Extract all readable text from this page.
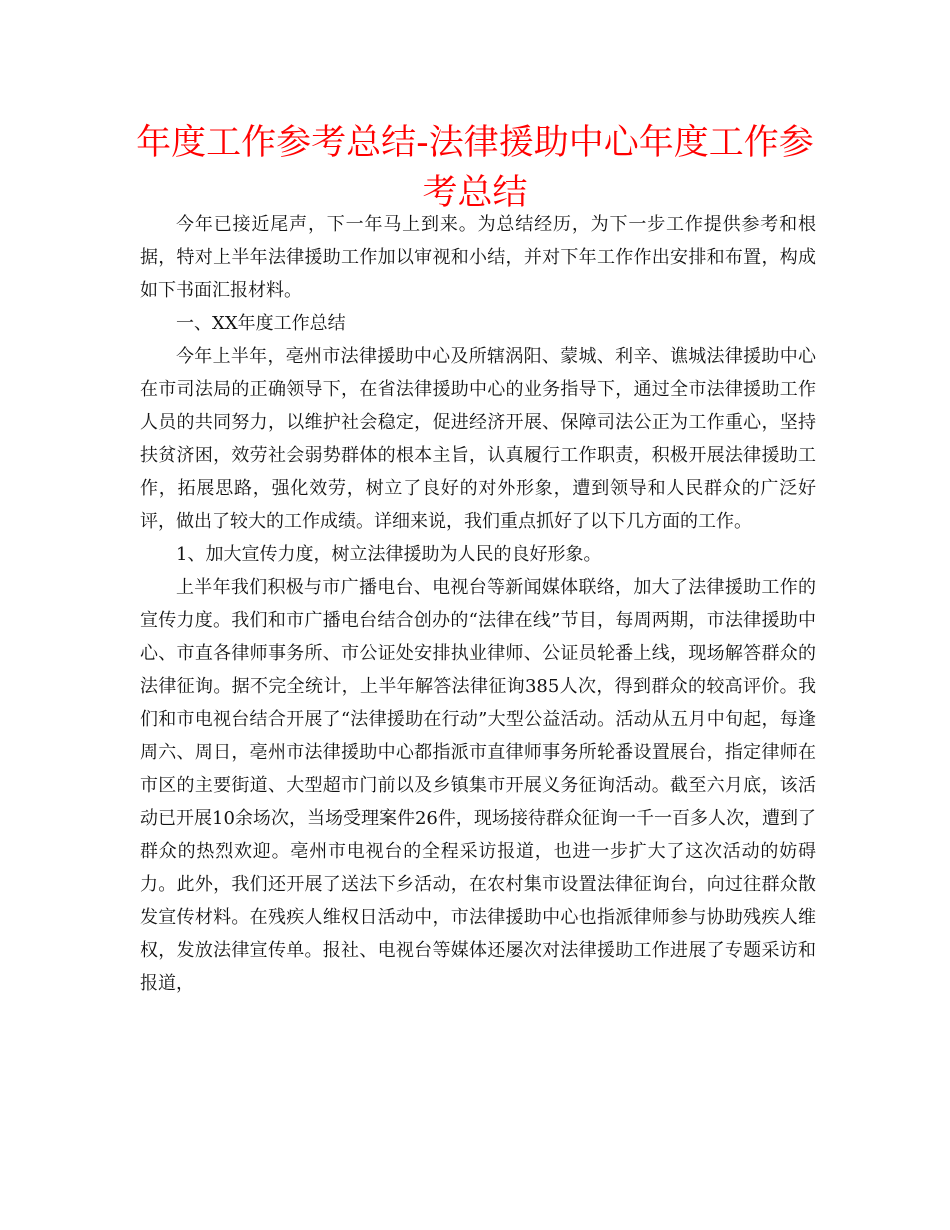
年度工作参考总结-法律援助中心年度工作参考总结

今年已接近尾声，下一年马上到来。为总结经历，为下一步工作提供参考和根据，特对上半年法律援助工作加以审视和小结，并对下年工作作出安排和布置，构成如下书面汇报材料。

一、XX年度工作总结

今年上半年，亳州市法律援助中心及所辖涡阳、蒙城、利辛、谯城法律援助中心在市司法局的正确领导下，在省法律援助中心的业务指导下，通过全市法律援助工作人员的共同努力，以维护社会稳定，促进经济开展、保障司法公正为工作重心，坚持扶贫济困，效劳社会弱势群体的根本主旨，认真履行工作职责，积极开展法律援助工作，拓展思路，强化效劳，树立了良好的对外形象，遭到领导和人民群众的广泛好评，做出了较大的工作成绩。详细来说，我们重点抓好了以下几方面的工作。

1、加大宣传力度，树立法律援助为人民的良好形象。

上半年我们积极与市广播电台、电视台等新闻媒体联络，加大了法律援助工作的宣传力度。我们和市广播电台结合创办的“法律在线”节目，每周两期，市法律援助中心、市直各律师事务所、市公证处安排执业律师、公证员轮番上线，现场解答群众的法律征询。据不完全统计，上半年解答法律征询385人次，得到群众的较高评价。我们和市电视台结合开展了“法律援助在行动”大型公益活动。活动从五月中旬起，每逢周六、周日，亳州市法律援助中心都指派市直律师事务所轮番设置展台，指定律师在市区的主要街道、大型超市门前以及乡镇集市开展义务征询活动。截至六月底，该活动已开展10余场次，当场受理案件26件，现场接待群众征询一千一百多人次，遭到了群众的热烈欢迎。亳州市电视台的全程采访报道，也进一步扩大了这次活动的妨碍力。此外，我们还开展了送法下乡活动，在农村集市设置法律征询台，向过往群众散发宣传材料。在残疾人维权日活动中，市法律援助中心也指派律师参与协助残疾人维权，发放法律宣传单。报社、电视台等媒体还屡次对法律援助工作进展了专题采访和报道，
